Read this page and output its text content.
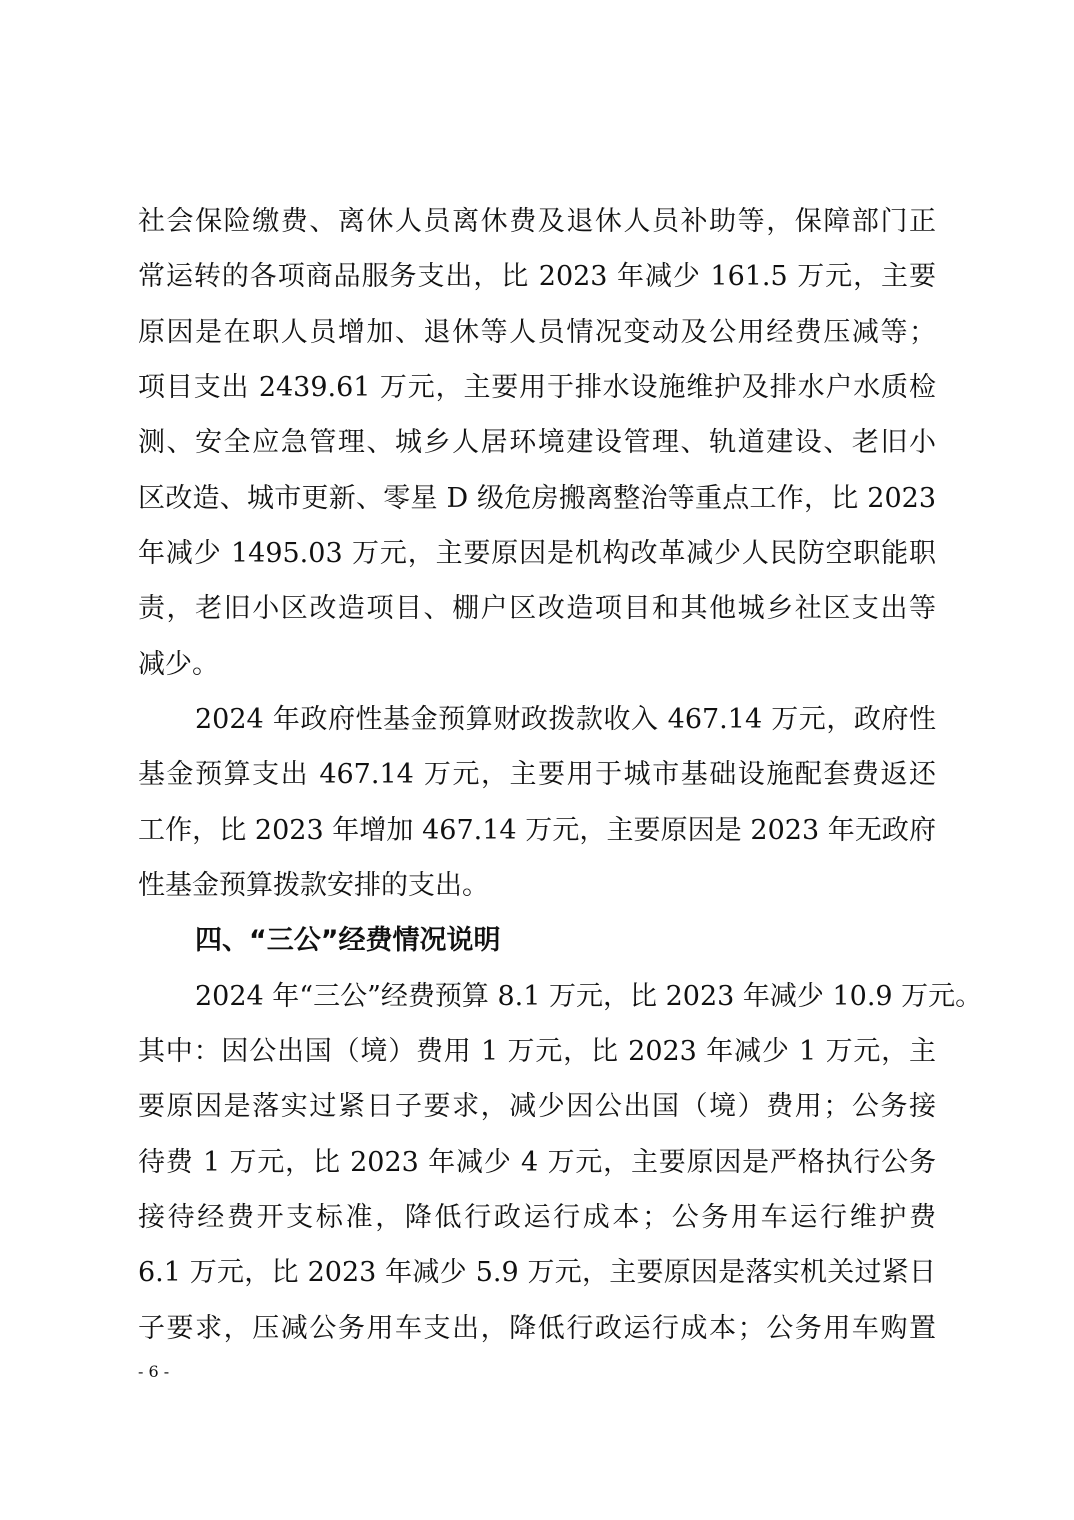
社会保险缴费、离休人员离休费及退休人员补助等，保障部门正
常运转的各项商品服务支出，比 2023 年减少 161.5 万元，主要
原因是在职人员增加、退休等人员情况变动及公用经费压减等；
项目支出 2439.61 万元，主要用于排水设施维护及排水户水质检
测、安全应急管理、城乡人居环境建设管理、轨道建设、老旧小
区改造、城市更新、零星 D 级危房搬离整治等重点工作，比 2023
年减少 1495.03 万元，主要原因是机构改革减少人民防空职能职
责，老旧小区改造项目、棚户区改造项目和其他城乡社区支出等
减少。
2024 年政府性基金预算财政拨款收入 467.14 万元，政府性
基金预算支出 467.14 万元，主要用于城市基础设施配套费返还
工作，比 2023 年增加 467.14 万元，主要原因是 2023 年无政府
性基金预算拨款安排的支出。
四、“三公”经费情况说明
2024 年“三公”经费预算 8.1 万元，比 2023 年减少 10.9 万元。
其中：因公出国（境）费用 1 万元，比 2023 年减少 1 万元，主
要原因是落实过紧日子要求，减少因公出国（境）费用；公务接
待费 1 万元，比 2023 年减少 4 万元，主要原因是严格执行公务
接待经费开支标准，降低行政运行成本；公务用车运行维护费
6.1 万元，比 2023 年减少 5.9 万元，主要原因是落实机关过紧日
子要求，压减公务用车支出，降低行政运行成本；公务用车购置
- 6 -
